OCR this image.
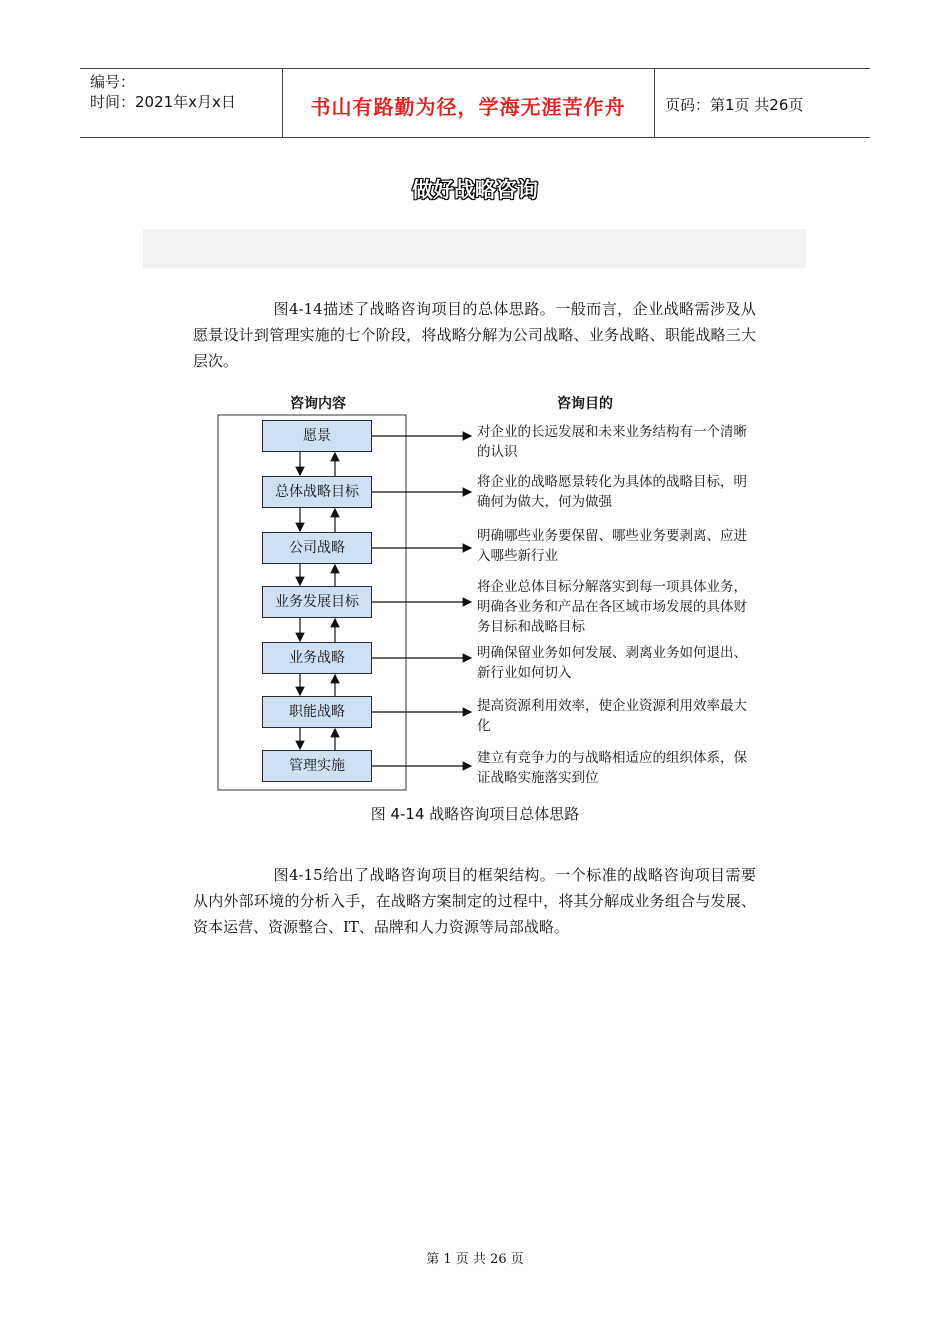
编号：
时间：2021年x月x日	书山有路勤为径，学海无涯苦作舟	页码：第1页 共26页
做好战略咨询
图4-14描述了战略咨询项目的总体思路。一般而言，企业战略需涉及从愿景设计到管理实施的七个阶段，将战略分解为公司战略、业务战略、职能战略三大层次。
咨询内容	咨询目的
愿景
总体战略目标
公司战略
业务发展目标
业务战略
职能战略
管理实施
对企业的长远发展和未来业务结构有一个清晰的认识
将企业的战略愿景转化为具体的战略目标，明确何为做大，何为做强
明确哪些业务要保留、哪些业务要剥离、应进入哪些新行业
将企业总体目标分解落实到每一项具体业务，明确各业务和产品在各区域市场发展的具体财务目标和战略目标
明确保留业务如何发展、剥离业务如何退出、新行业如何切入
提高资源利用效率，使企业资源利用效率最大化
建立有竞争力的与战略相适应的组织体系，保证战略实施落实到位
图 4-14 战略咨询项目总体思路
图4-15给出了战略咨询项目的框架结构。一个标准的战略咨询项目需要从内外部环境的分析入手，在战略方案制定的过程中，将其分解成业务组合与发展、资本运营、资源整合、IT、品牌和人力资源等局部战略。
第 1 页 共 26 页
